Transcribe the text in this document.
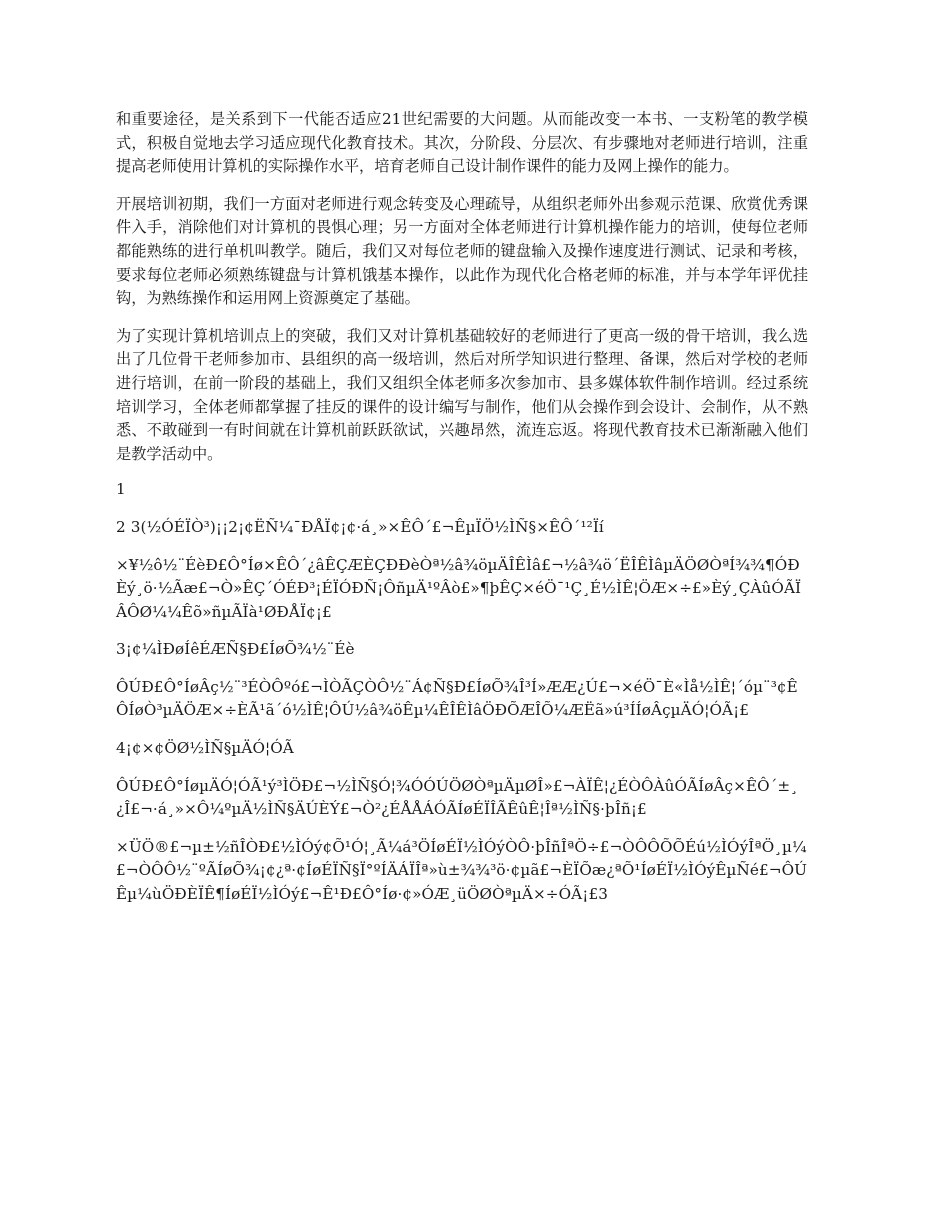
和重要途径，是关系到下一代能否适应21世纪需要的大问题。从而能改变一本书、一支粉笔的教学模式，积极自觉地去学习适应现代化教育技术。其次，分阶段、分层次、有步骤地对老师进行培训，注重提高老师使用计算机的实际操作水平，培育老师自己设计制作课件的能力及网上操作的能力。

开展培训初期，我们一方面对老师进行观念转变及心理疏导，从组织老师外出参观示范课、欣赏优秀课件入手，消除他们对计算机的畏惧心理；另一方面对全体老师进行计算机操作能力的培训，使每位老师都能熟练的进行单机叫教学。随后，我们又对每位老师的键盘输入及操作速度进行测试、记录和考核，要求每位老师必须熟练键盘与计算机饿基本操作，以此作为现代化合格老师的标准，并与本学年评优挂钩，为熟练操作和运用网上资源奠定了基础。

为了实现计算机培训点上的突破，我们又对计算机基础较好的老师进行了更高一级的骨干培训，我么选出了几位骨干老师参加市、县组织的高一级培训，然后对所学知识进行整理、备课，然后对学校的老师进行培训，在前一阶段的基础上，我们又组织全体老师多次参加市、县多媒体软件制作培训。经过系统培训学习，全体老师都掌握了挂反的课件的设计编写与制作，他们从会操作到会设计、会制作，从不熟悉、不敢碰到一有时间就在计算机前跃跃欲试，兴趣昂然，流连忘返。将现代教育技术已渐渐融入他们是教学活动中。

1

2 3(½ÓÉÏÒ³)¡¡2¡¢ËÑ¼¯ÐÅÏ¢¡¢·á¸»×ÊÔ´£¬ÊµÏÖ½ÌÑ§×ÊÔ´¹²Ïí

×¥½ô½¨ÉèÐ£Ô°Íø×ÊÔ´¿âÊÇÆÈÇÐÐèÒª½â¾öµÄÎÊÌâ£¬½â¾ö´ËÎÊÌâµÄÖØÒªÍ¾¾¶ÓÐÈý¸ö·½Ãæ£¬Ò»ÊÇ´ÓÉÐ³¡ÉÏÓÐÑ¡ÔñµÄ¹ºÂò£»¶þÊÇ×éÖ¯¹Ç¸É½ÌÊ¦ÖÆ×÷£»Èý¸ÇÀûÓÃÏÂÔØ¼¼Êõ»ñµÃÏà¹ØÐÅÏ¢¡£

3¡¢¼ÌÐøÍêÉÆÑ§Ð£ÍøÕ¾½¨Éè

ÔÚÐ£Ô°ÍøÂç½¨³ÉÒÔºó£¬ÌÒÃÇÒÔ½¨Á¢Ñ§Ð£ÍøÕ¾Î³Í»ÆÆ¿Ú£¬×éÖ¯È«Ìå½ÌÊ¦´óµ¨³¢ÊÔÍøÒ³µÄÖÆ×÷ÈÃ¹ã´ó½ÌÊ¦ÔÚ½â¾öÊµ¼ÊÎÊÌâÖÐÕÆÎÕ¼ÆËã»ú³ÍÍøÂçµÄÓ¦ÓÃ¡£

4¡¢×¢ÖØ½ÌÑ§µÄÓ¦ÓÃ

ÔÚÐ£Ô°ÍøµÄÓ¦ÓÃ¹ý³ÌÖÐ£¬½ÌÑ§Ó¦¾ÓÓÚÖØÒªµÄµØÎ»£¬ÀÏÊ¦¿ÉÒÔÀûÓÃÍøÂç×ÊÔ´±¸¿Î£¬·á¸»×Ô¼ºµÄ½ÌÑ§ÄÚÈÝ£¬Ò²¿ÉÅÅÁÓÃÍøÉÏÎÃÊûÊ¦Îª½ÌÑ§·þÎñ¡£

×ÜÖ®£¬µ±½ñÎÒÐ£½ÌÓý¢Õ¹Ó¦¸Ã¼á³ÖÍøÉÏ½ÌÓýÒÔ·þÎñÎªÖ÷£¬ÒÔÔÕÕÉú½ÌÓýÎªÖ¸µ¼£¬ÒÔÔ½¨ºÃÍøÕ¾¡¢¿ª·¢ÍøÉÏÑ§Ï°ºÍÄÁÏÎª»ù±¾¾³ö·¢µã£¬ÈÏÕæ¿ªÕ¹ÍøÉÏ½ÌÓýÊµÑé£¬ÔÚÊµ¼ùÖÐÈÏÊ¶ÍøÉÏ½ÌÓý£¬Ê¹Ð£Ô°Íø·¢»ÓÆ¸üÖØÒªµÄ×÷ÓÃ¡£3
